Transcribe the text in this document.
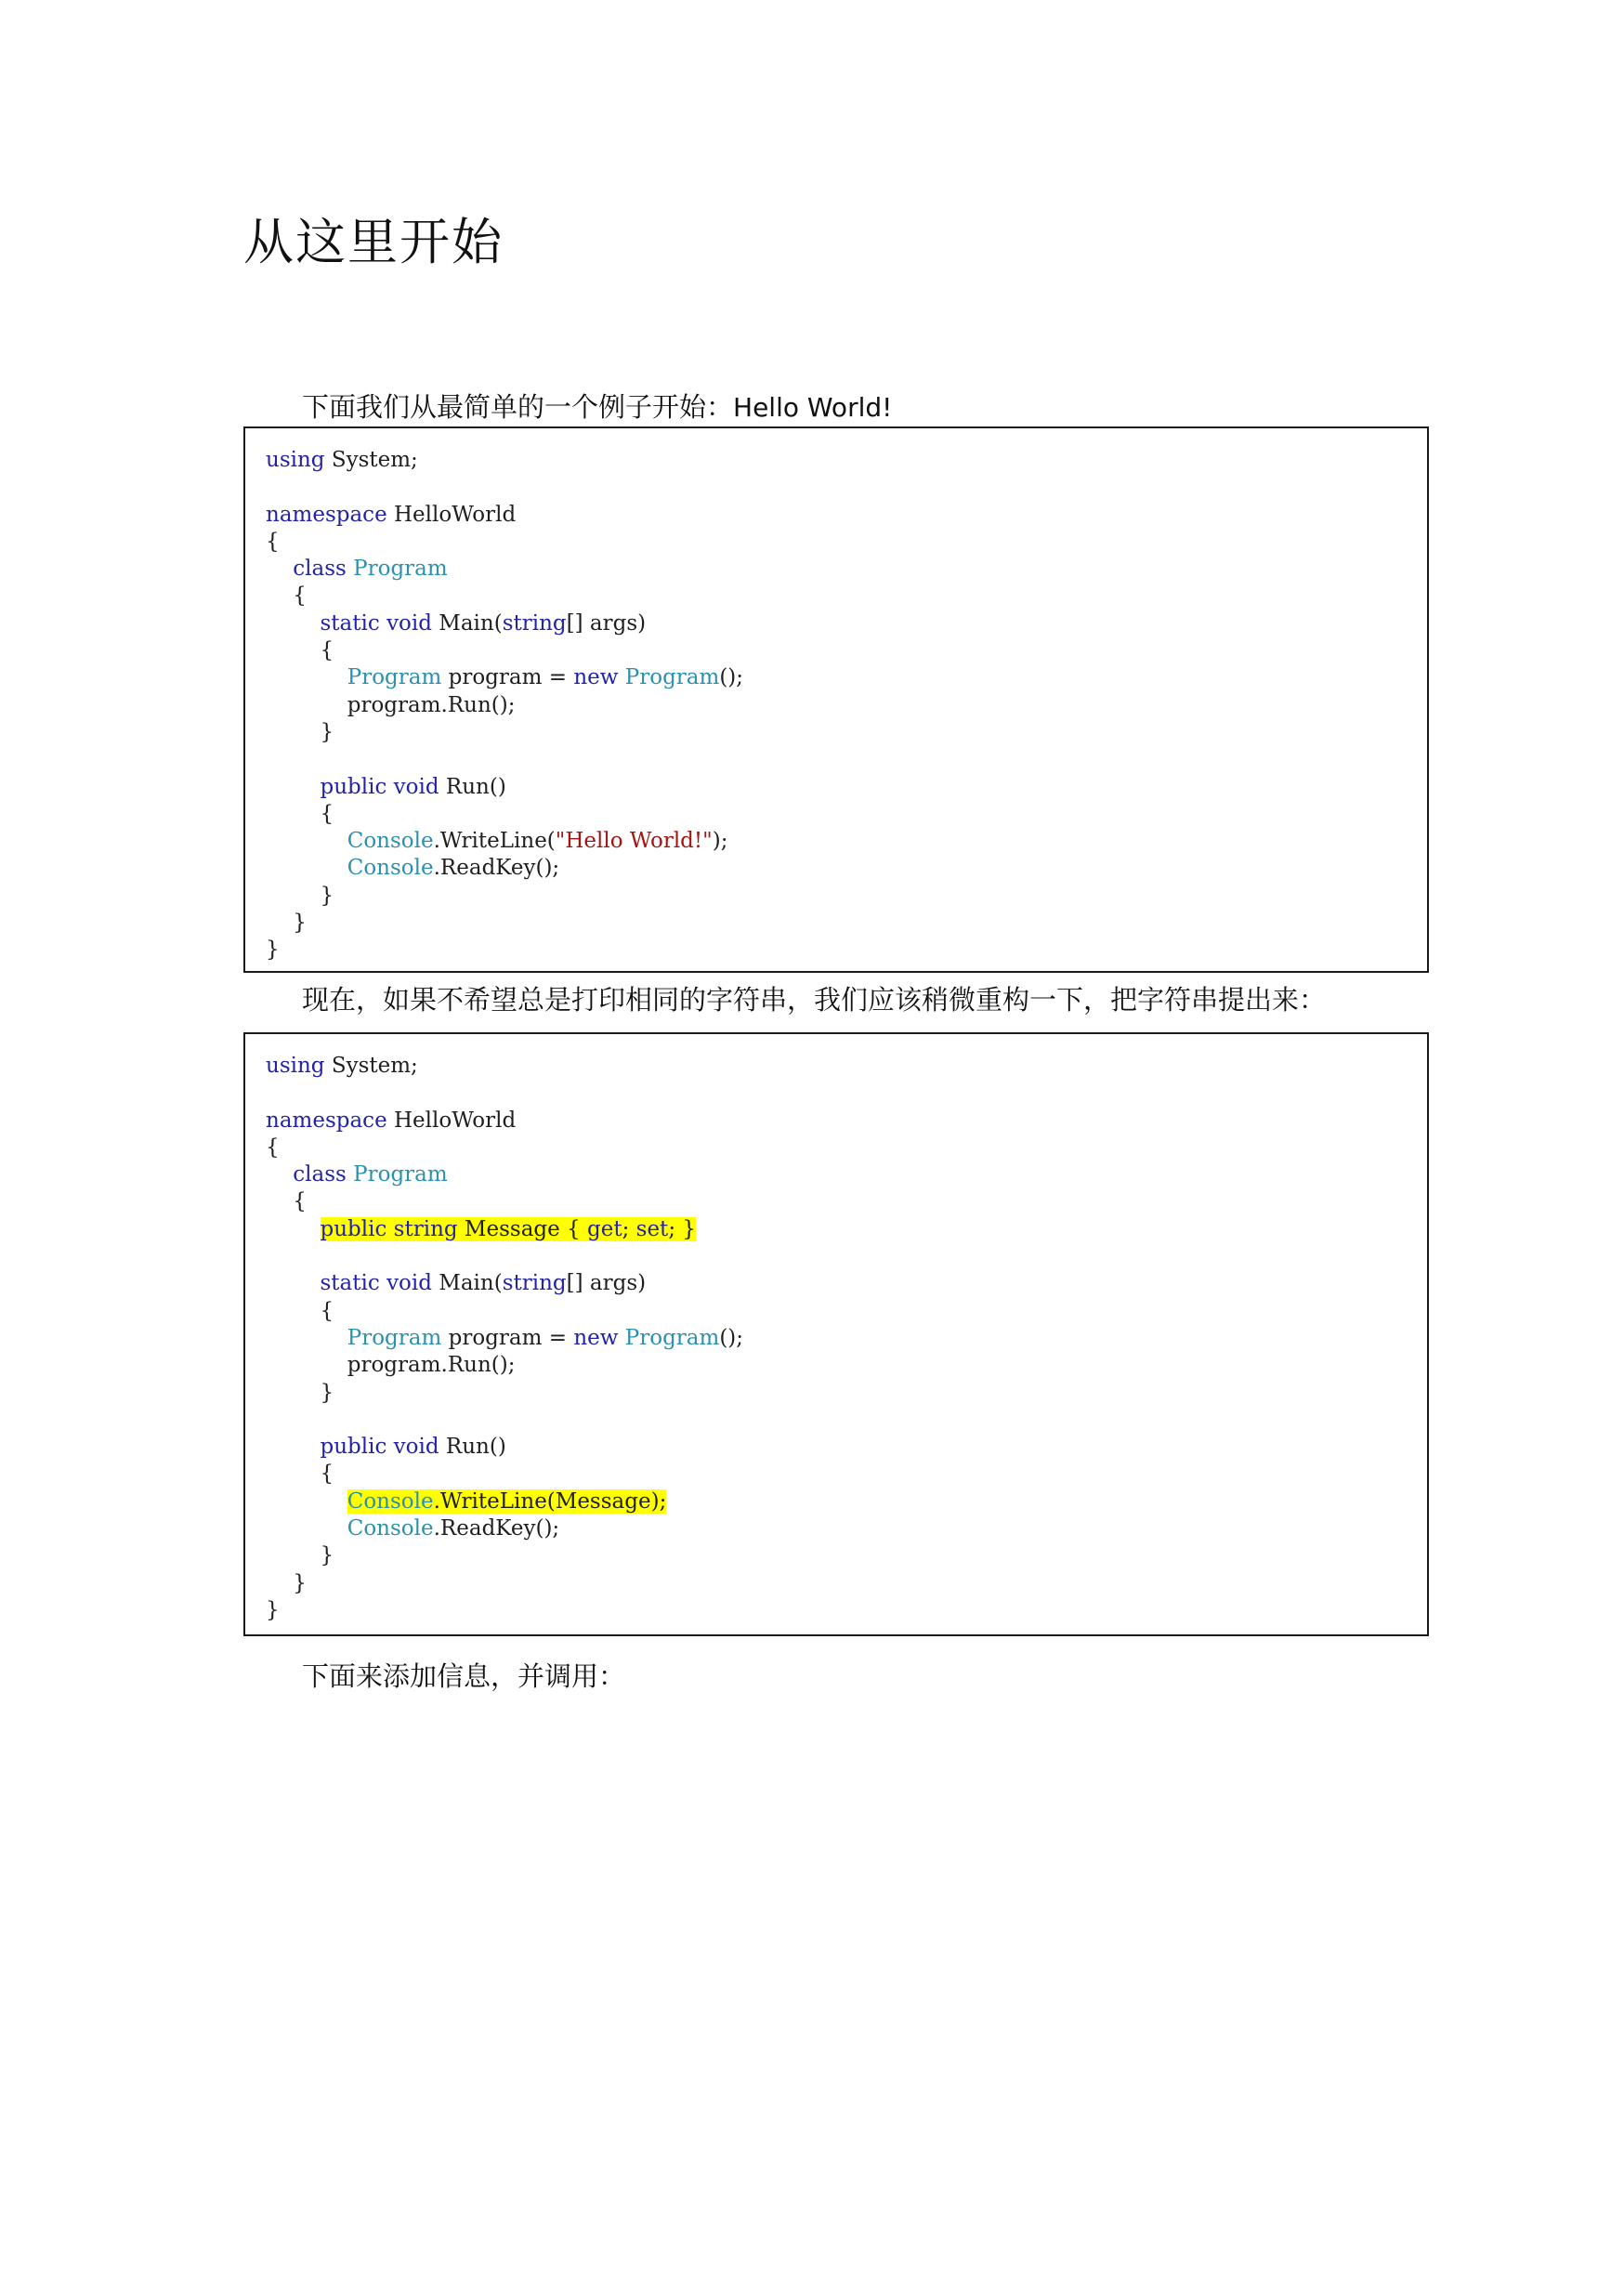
从这里开始

下面我们从最简单的一个例子开始：Hello World!

using System;
namespace HelloWorld
{
class Program
{
static void Main(string[] args)
{
Program program = new Program();
program.Run();
}
public void Run()
{
Console.WriteLine("Hello World!");
Console.ReadKey();
}
}
}

现在，如果不希望总是打印相同的字符串，我们应该稍微重构一下，把字符串提出来：

using System;
namespace HelloWorld
{
class Program
{
public string Message { get; set; }
static void Main(string[] args)
{
Program program = new Program();
program.Run();
}
public void Run()
{
Console.WriteLine(Message);
Console.ReadKey();
}
}
}

下面来添加信息，并调用：
